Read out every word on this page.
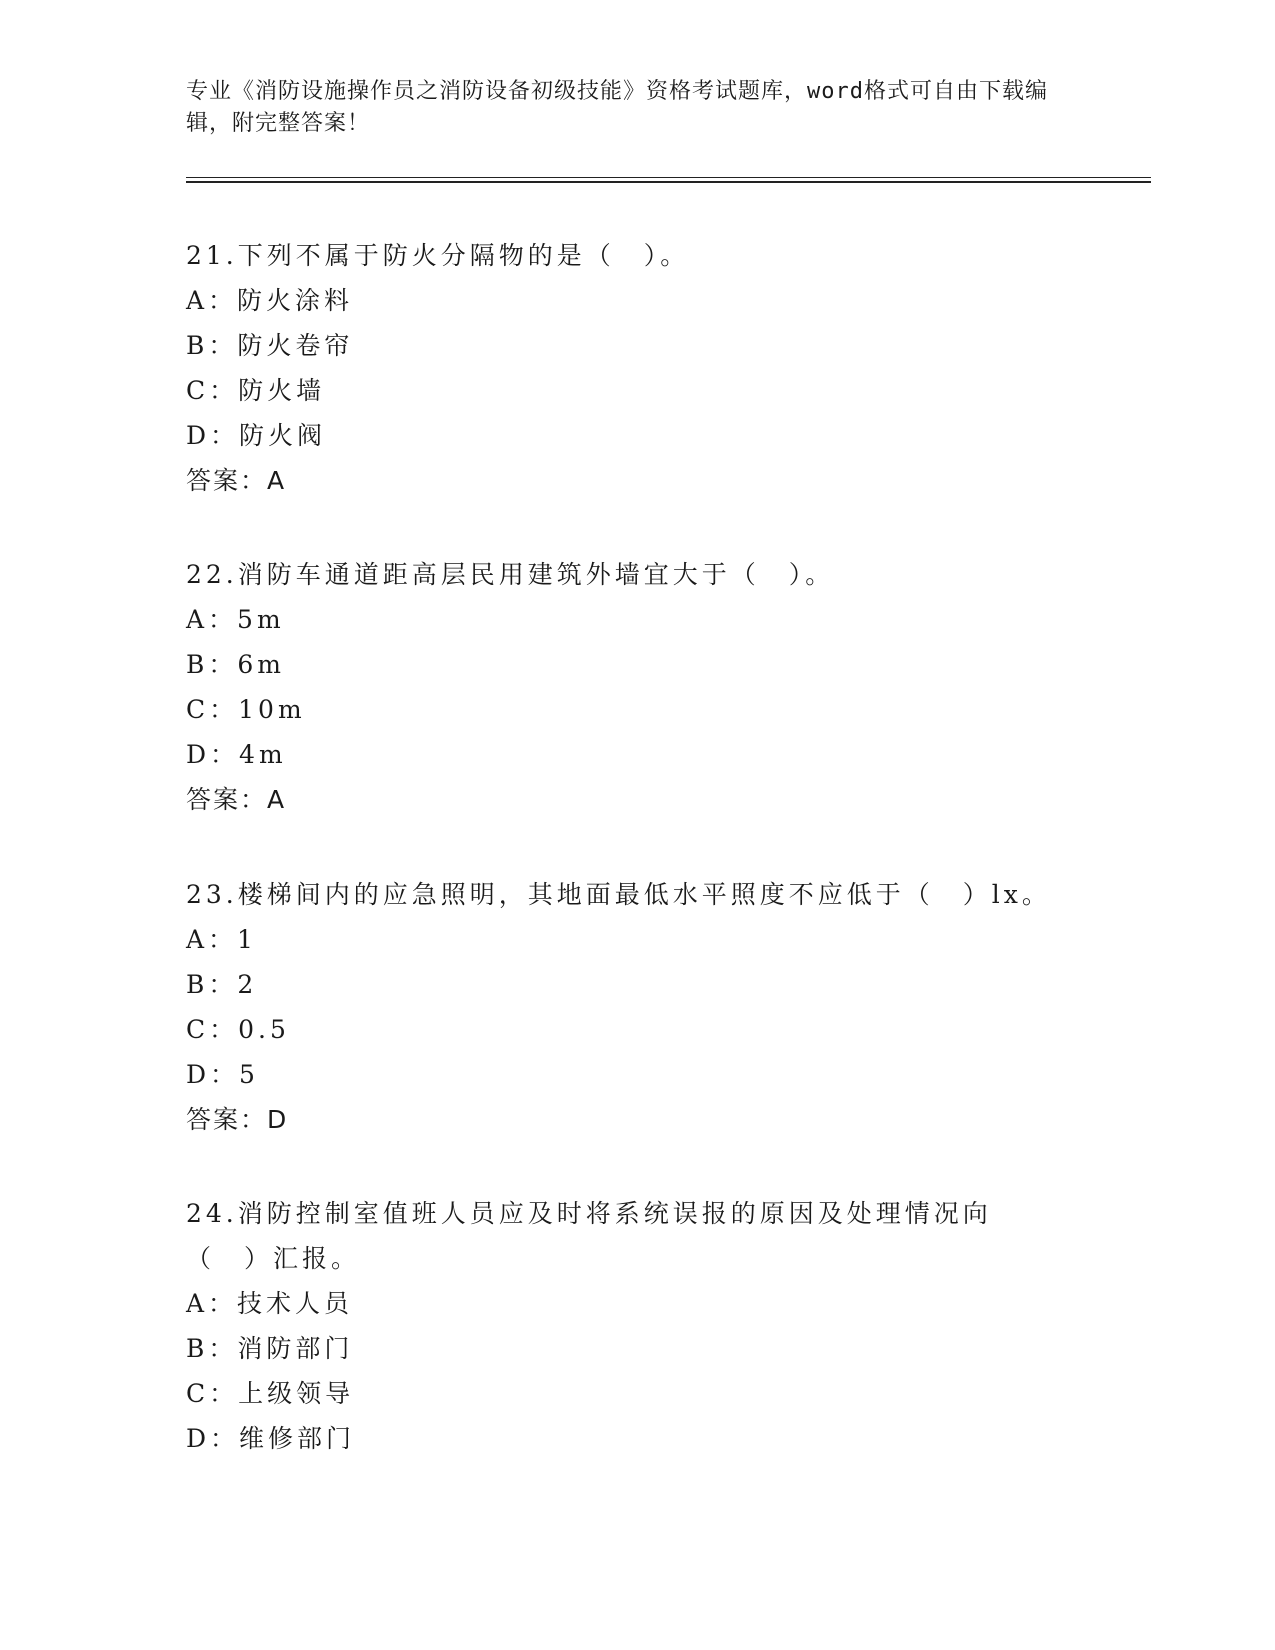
专业《消防设施操作员之消防设备初级技能》资格考试题库，word格式可自由下载编辑，附完整答案！

21.下列不属于防火分隔物的是（　）。

A：防火涂料

B：防火卷帘

C：防火墙

D：防火阀

答案：A

22.消防车通道距高层民用建筑外墙宜大于（　）。

A：5m

B：6m

C：10m

D：4m

答案：A

23.楼梯间内的应急照明，其地面最低水平照度不应低于（　）lx。

A：1

B：2

C：0.5

D：5

答案：D

24.消防控制室值班人员应及时将系统误报的原因及处理情况向（　）汇报。

A：技术人员

B：消防部门

C：上级领导

D：维修部门
